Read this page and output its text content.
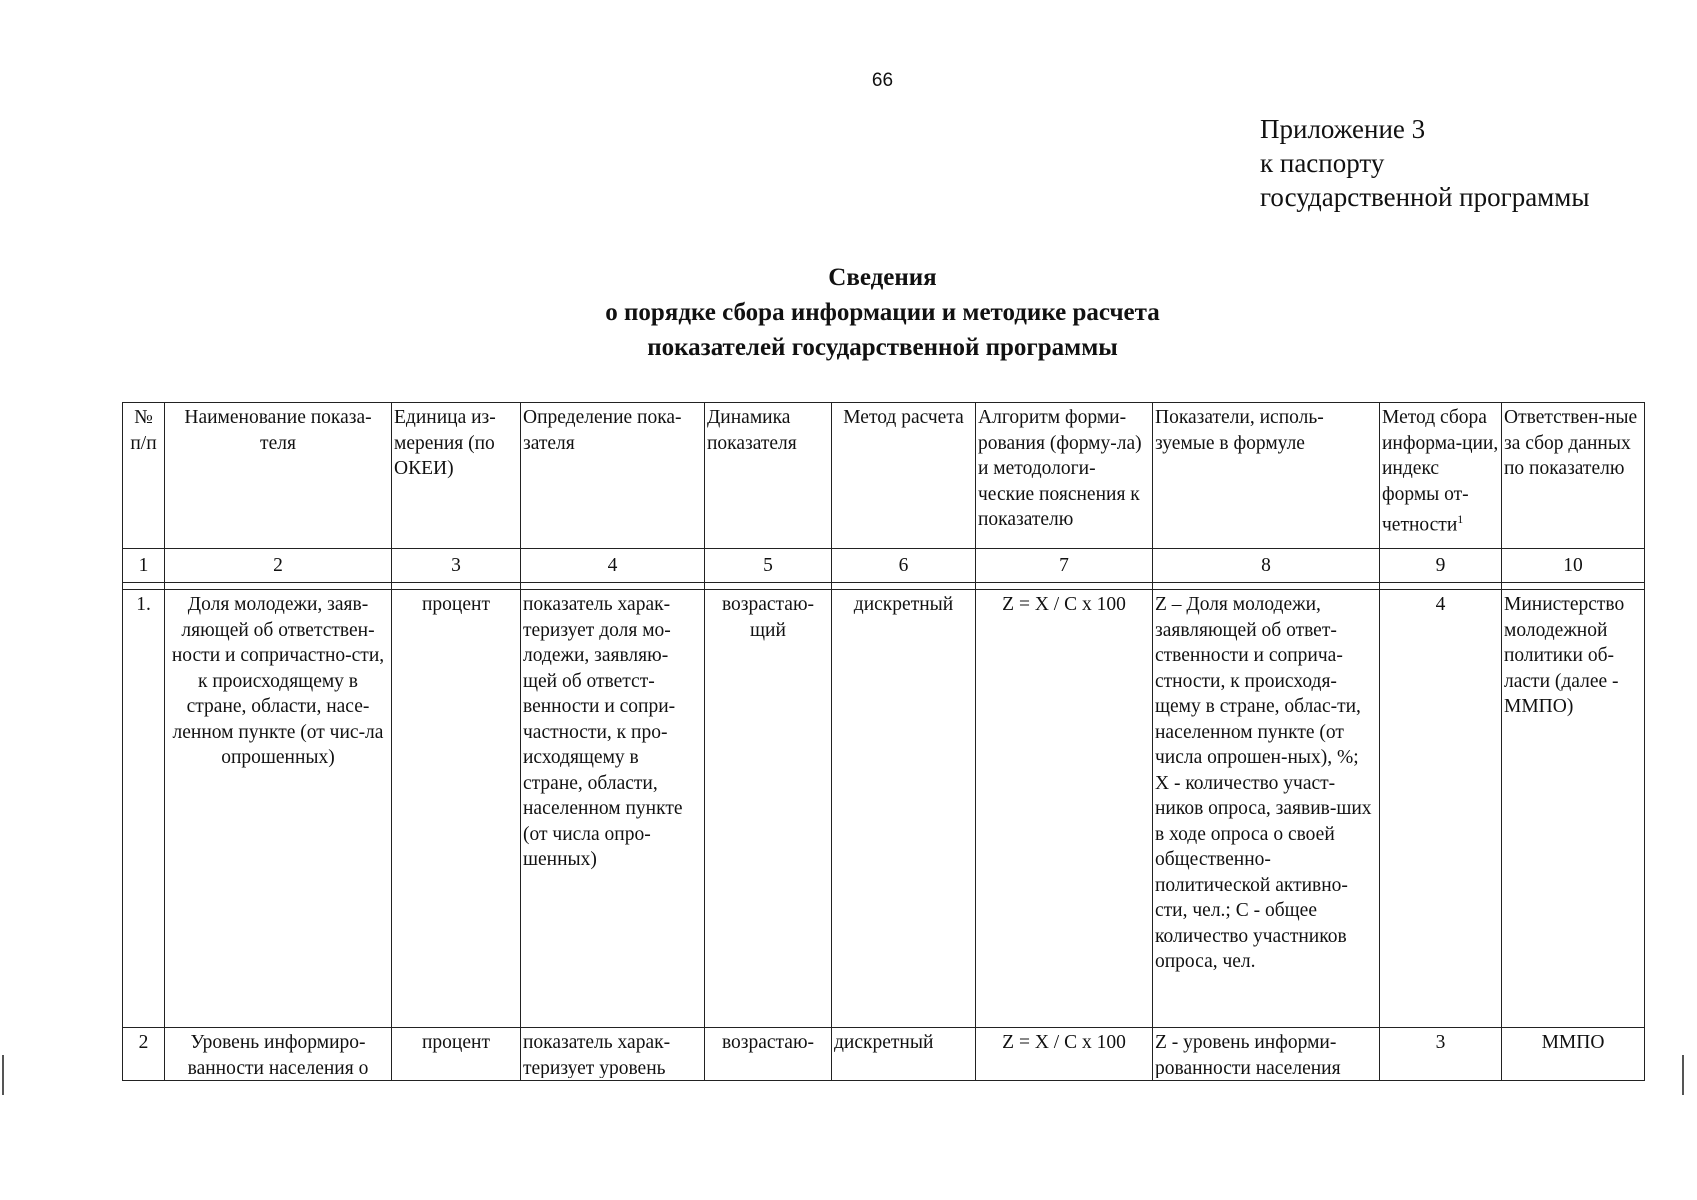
66
Приложение 3
к паспорту
государственной программы
Сведения
о порядке сбора информации и методике расчета
показателей государственной программы
№ п/п	Наименование показа-теля	Единица из-мерения (по ОКЕИ)	Определение пока-зателя	Динамика показателя	Метод расчета	Алгоритм форми-рования (форму-ла) и методологи-ческие пояснения к показателю	Показатели, исполь-зуемые в формуле	Метод сбора информа-ции, индекс формы от-четности$^1$	Ответствен-ные за сбор данных по показателю
1	2	3	4	5	6	7	8	9	10

1.	Доля молодежи, заяв-ляющей об ответствен-ности и сопричастно-сти, к происходящему в стране, области, насе-ленном пункте (от чис-ла опрошенных)	процент	показатель харак-теризует доля мо-лодежи, заявляю-щей об ответст-венности и сопри-частности, к про-исходящему в стране, области, населенном пункте (от числа опро-шенных)	возрастаю-щий	дискретный	Z = X / C x 100	Z – Доля молодежи, заявляющей об ответ-ственности и соприча-стности, к происходя-щему в стране, облас-ти, населенном пункте (от числа опрошен-ных), %; X - количество участ-ников опроса, заявив-ших в ходе опроса о своей общественно-политической активно-сти, чел.; C - общее количество участников опроса, чел.	4	Министерство молодежной политики об-ласти (далее - ММПО)
2	Уровень информиро-ванности населения о	процент	показатель харак-теризует уровень	возрастаю-	дискретный	Z = X / C x 100	Z - уровень информи-рованности населения	3	ММПО
